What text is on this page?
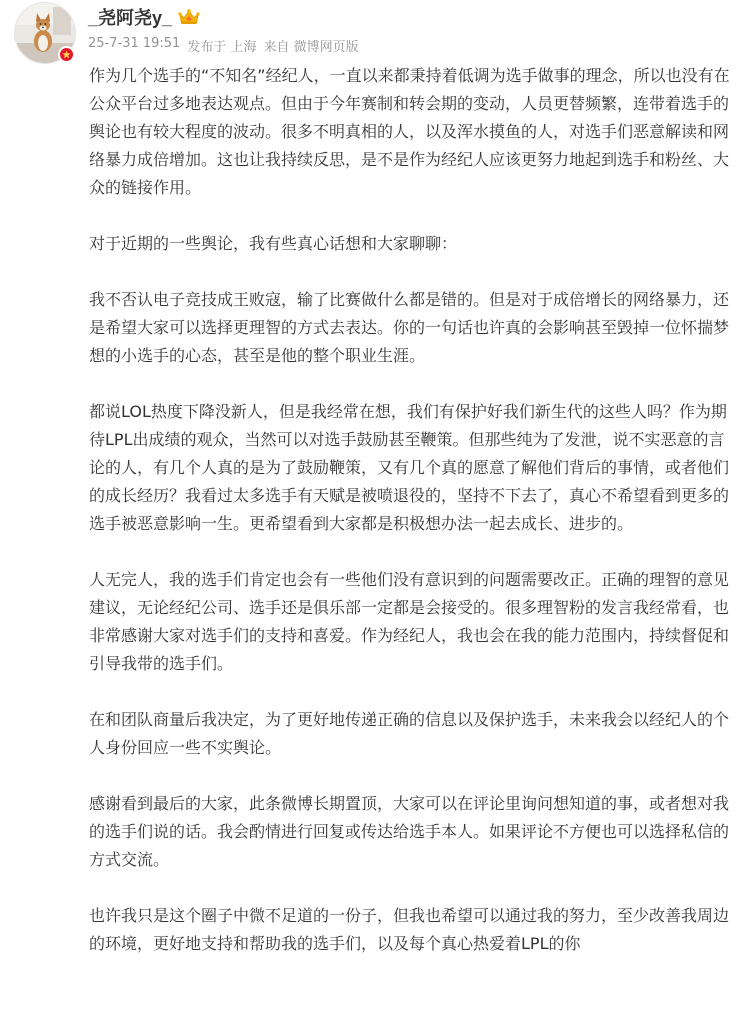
_尧阿尧y_
25-7-31 19:51 发布于 上海 来自 微博网页版

作为几个选手的“不知名”经纪人，一直以来都秉持着低调为选手做事的理念，所以也没有在公众平台过多地表达观点。但由于今年赛制和转会期的变动，人员更替频繁，连带着选手的舆论也有较大程度的波动。很多不明真相的人，以及浑水摸鱼的人，对选手们恶意解读和网络暴力成倍增加。这也让我持续反思，是不是作为经纪人应该更努力地起到选手和粉丝、大众的链接作用。

对于近期的一些舆论，我有些真心话想和大家聊聊：

我不否认电子竞技成王败寇，输了比赛做什么都是错的。但是对于成倍增长的网络暴力，还是希望大家可以选择更理智的方式去表达。你的一句话也许真的会影响甚至毁掉一位怀揣梦想的小选手的心态，甚至是他的整个职业生涯。

都说LOL热度下降没新人，但是我经常在想，我们有保护好我们新生代的这些人吗？作为期待LPL出成绩的观众，当然可以对选手鼓励甚至鞭策。但那些纯为了发泄，说不实恶意的言论的人，有几个人真的是为了鼓励鞭策，又有几个真的愿意了解他们背后的事情，或者他们的成长经历？我看过太多选手有天赋是被喷退役的，坚持不下去了，真心不希望看到更多的选手被恶意影响一生。更希望看到大家都是积极想办法一起去成长、进步的。

人无完人，我的选手们肯定也会有一些他们没有意识到的问题需要改正。正确的理智的意见建议，无论经纪公司、选手还是俱乐部一定都是会接受的。很多理智粉的发言我经常看，也非常感谢大家对选手们的支持和喜爱。作为经纪人，我也会在我的能力范围内，持续督促和引导我带的选手们。

在和团队商量后我决定，为了更好地传递正确的信息以及保护选手，未来我会以经纪人的个人身份回应一些不实舆论。

感谢看到最后的大家，此条微博长期置顶，大家可以在评论里询问想知道的事，或者想对我的选手们说的话。我会酌情进行回复或传达给选手本人。如果评论不方便也可以选择私信的方式交流。

也许我只是这个圈子中微不足道的一份子，但我也希望可以通过我的努力，至少改善我周边的环境，更好地支持和帮助我的选手们，以及每个真心热爱着LPL的你
